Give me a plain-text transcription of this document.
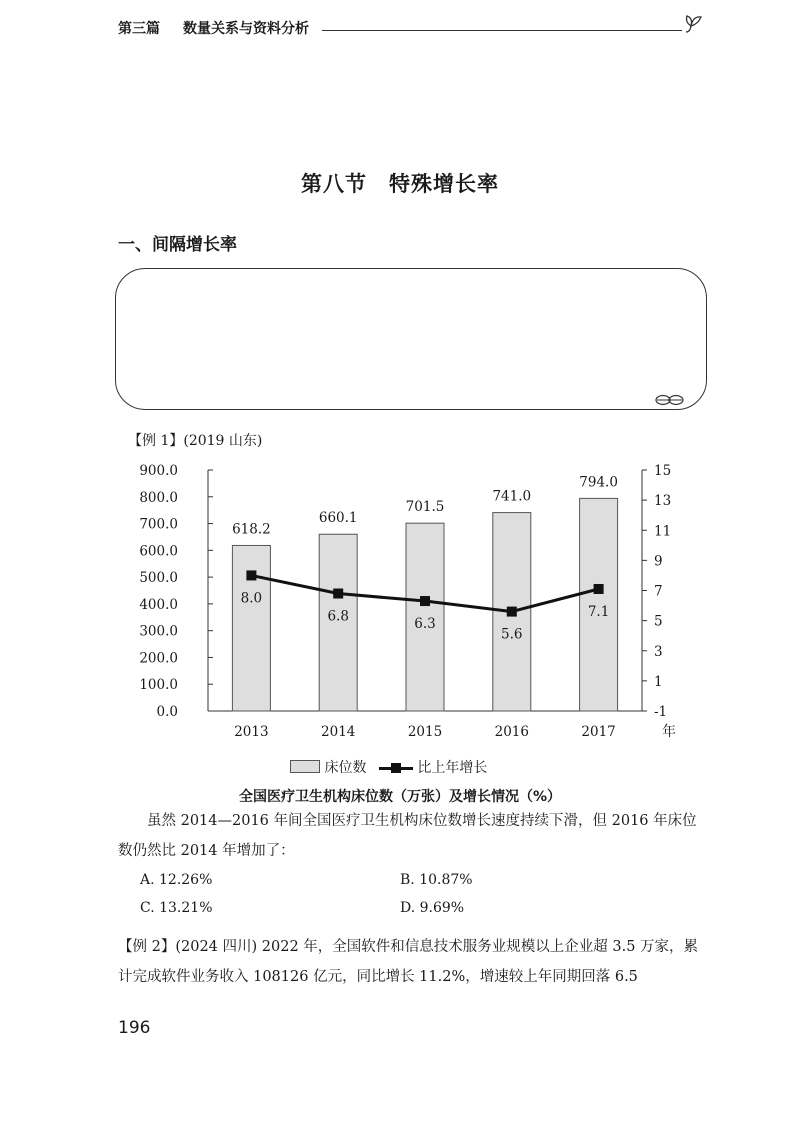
第三篇 数量关系与资料分析
第八节 特殊增长率
一、间隔增长率
【例 1】(2019 山东)
0.0
100.0
200.0
300.0
400.0
500.0
600.0
700.0
800.0
900.0
-1
1
3
5
7
9
11
13
15
618.2
660.1
701.5
741.0
794.0
2013	2014	2015	2016	2017	年
8.0
6.8	6.3
5.6
7.1
床位数	比上年增长
全国医疗卫生机构床位数（万张）及增长情况（%）
虽然 2014—2016 年间全国医疗卫生机构床位数增长速度持续下滑，但 2016 年床位数仍然比 2014 年增加了：
A. 12.26%	B. 10.87%
C. 13.21%	D. 9.69%
【例 2】(2024 四川) 2022 年，全国软件和信息技术服务业规模以上企业超 3.5 万家，累计完成软件业务收入 108126 亿元，同比增长 11.2%，增速较上年同期回落 6.5
196
